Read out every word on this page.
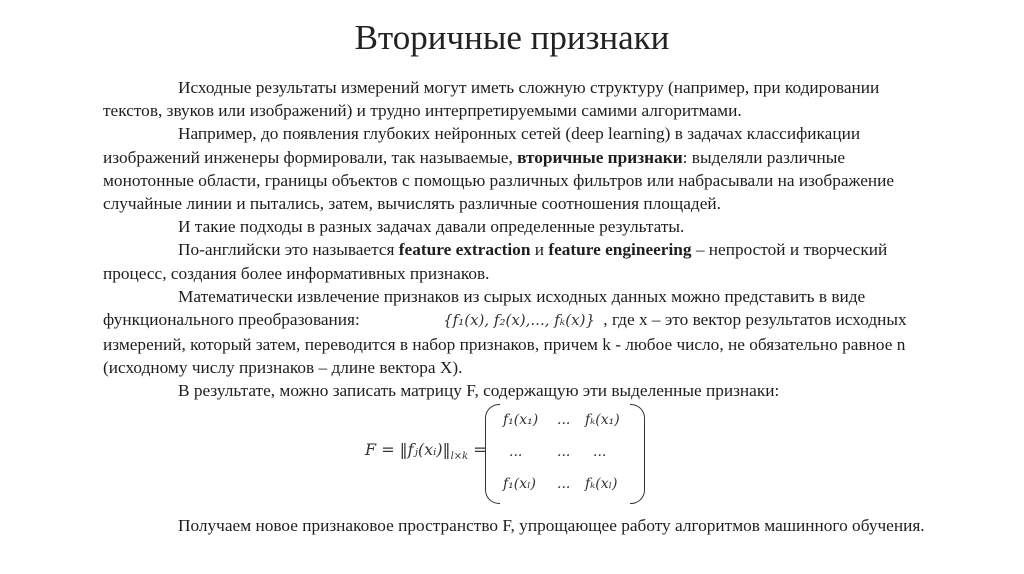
Вторичные признаки

Исходные результаты измерений могут иметь сложную структуру (например, при кодировании текстов, звуков или изображений) и трудно интерпретируемыми самими алгоритмами.

Например, до появления глубоких нейронных сетей (deep learning) в задачах классификации изображений инженеры формировали, так называемые, вторичные признаки: выделяли различные монотонные области, границы объектов с помощью различных фильтров или набрасывали на изображение случайные линии и пытались, затем, вычислять различные соотношения площадей.

И такие подходы в разных задачах давали определенные результаты.

По-английски это называется feature extraction и feature engineering – непростой и творческий процесс, создания более информативных признаков.

Математически извлечение признаков из сырых исходных данных можно представить в виде функционального преобразования:	{f₁(x), f₂(x),..., fₖ(x)} , где x – это вектор результатов исходных измерений, который затем, переводится в набор признаков, причем k - любое число, не обязательно равное n (исходному числу признаков – длине вектора X).

В результате, можно записать матрицу F, содержащую эти выделенные признаки:

$F = ‖fⱼ(xᵢ)‖_{l\times k}$ =
f₁(x₁) ... fₖ(x₁)
... ... ...
f₁(xₗ) ... fₖ(xₗ)

Получаем новое признаковое пространство F, упрощающее работу алгоритмов машинного обучения.
